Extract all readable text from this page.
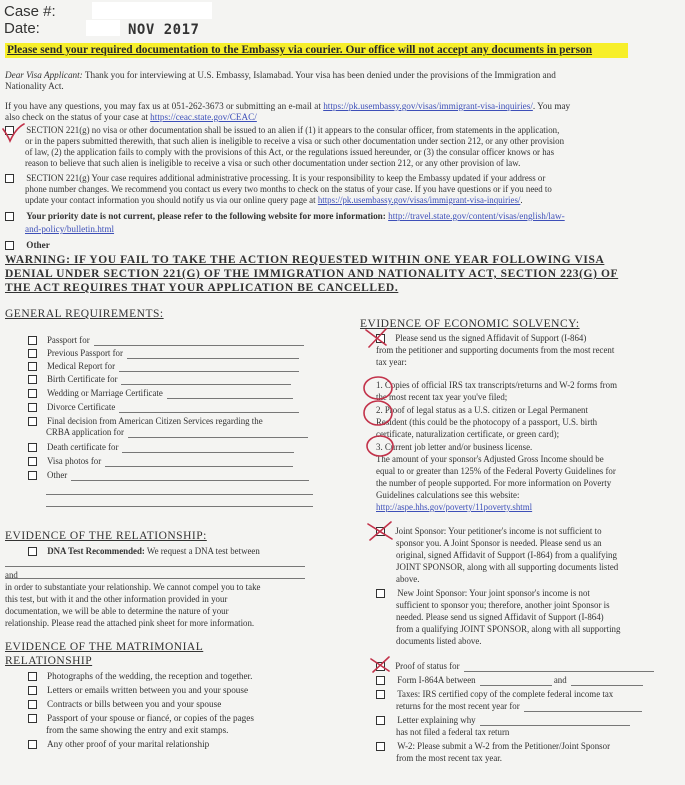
Case #:
Date:	NOV 2017
Please send your required documentation to the Embassy via courier. Our office will not accept any documents in person
Dear Visa Applicant: Thank you for interviewing at U.S. Embassy, Islamabad. Your visa has been denied under the provisions of the Immigration and
Nationality Act.
If you have any questions, you may fax us at 051-262-3673 or submitting an e-mail at https://pk.usembassy.gov/visas/immigrant-visa-inquiries/. You may
also check on the status of your case at https://ceac.state.gov/CEAC/
SECTION 221(g) no visa or other documentation shall be issued to an alien if (1) it appears to the consular officer, from statements in the application,
or in the papers submitted therewith, that such alien is ineligible to receive a visa or such other documentation under section 212, or any other provision
of law, (2) the application fails to comply with the provisions of this Act, or the regulations issued hereunder, or (3) the consular officer knows or has
reason to believe that such alien is ineligible to receive a visa or such other documentation under section 212, or any other provision of law.
SECTION 221(g) Your case requires additional administrative processing. It is your responsibility to keep the Embassy updated if your address or
phone number changes. We recommend you contact us every two months to check on the status of your case. If you have questions or if you need to
update your contact information you should notify us via our online query page at https://pk.usembassy.gov/visas/immigrant-visa-inquiries/.
Your priority date is not current, please refer to the following website for more information: http://travel.state.gov/content/visas/english/law-
and-policy/bulletin.html
Other
WARNING: IF YOU FAIL TO TAKE THE ACTION REQUESTED WITHIN ONE YEAR FOLLOWING VISA
DENIAL UNDER SECTION 221(G) OF THE IMMIGRATION AND NATIONALITY ACT, SECTION 223(G) OF
THE ACT REQUIRES THAT YOUR APPLICATION BE CANCELLED.
GENERAL REQUIREMENTS:
Passport for
Previous Passport for
Medical Report for
Birth Certificate for
Wedding or Marriage Certificate
Divorce Certificate
Final decision from American Citizen Services regarding the
CRBA application for
Death certificate for
Visa photos for
Other
EVIDENCE OF THE RELATIONSHIP:
DNA Test Recommended: We request a DNA test between
and
in order to substantiate your relationship. We cannot compel you to take
this test, but with it and the other information provided in your
documentation, we will be able to determine the nature of your
relationship. Please read the attached pink sheet for more information.
EVIDENCE OF THE MATRIMONIAL
RELATIONSHIP
Photographs of the wedding, the reception and together.
Letters or emails written between you and your spouse
Contracts or bills between you and your spouse
Passport of your spouse or fiancé, or copies of the pages
from the same showing the entry and exit stamps.
Any other proof of your marital relationship
EVIDENCE OF ECONOMIC SOLVENCY:
Please send us the signed Affidavit of Support (I-864)
from the petitioner and supporting documents from the most recent
tax year:
1. Copies of official IRS tax transcripts/returns and W-2 forms from
the most recent tax year you've filed;
2. Proof of legal status as a U.S. citizen or Legal Permanent
Resident (this could be the photocopy of a passport, U.S. birth
certificate, naturalization certificate, or green card);
3. Current job letter and/or business license.
The amount of your sponsor's Adjusted Gross Income should be
equal to or greater than 125% of the Federal Poverty Guidelines for
the number of people supported. For more information on Poverty
Guidelines calculations see this website:
http://aspe.hhs.gov/poverty/11poverty.shtml
Joint Sponsor: Your petitioner's income is not sufficient to
sponsor you. A Joint Sponsor is needed. Please send us an
original, signed Affidavit of Support (I-864) from a qualifying
JOINT SPONSOR, along with all supporting documents listed
above.
New Joint Sponsor: Your joint sponsor's income is not
sufficient to sponsor you; therefore, another joint Sponsor is
needed. Please send us signed Affidavit of Support (I-864)
from a qualifying JOINT SPONSOR, along with all supporting
documents listed above.
Proof of status for
Form I-864A between	and
Taxes: IRS certified copy of the complete federal income tax
returns for the most recent year for
Letter explaining why
has not filed a federal tax return
W-2: Please submit a W-2 from the Petitioner/Joint Sponsor
from the most recent tax year.
